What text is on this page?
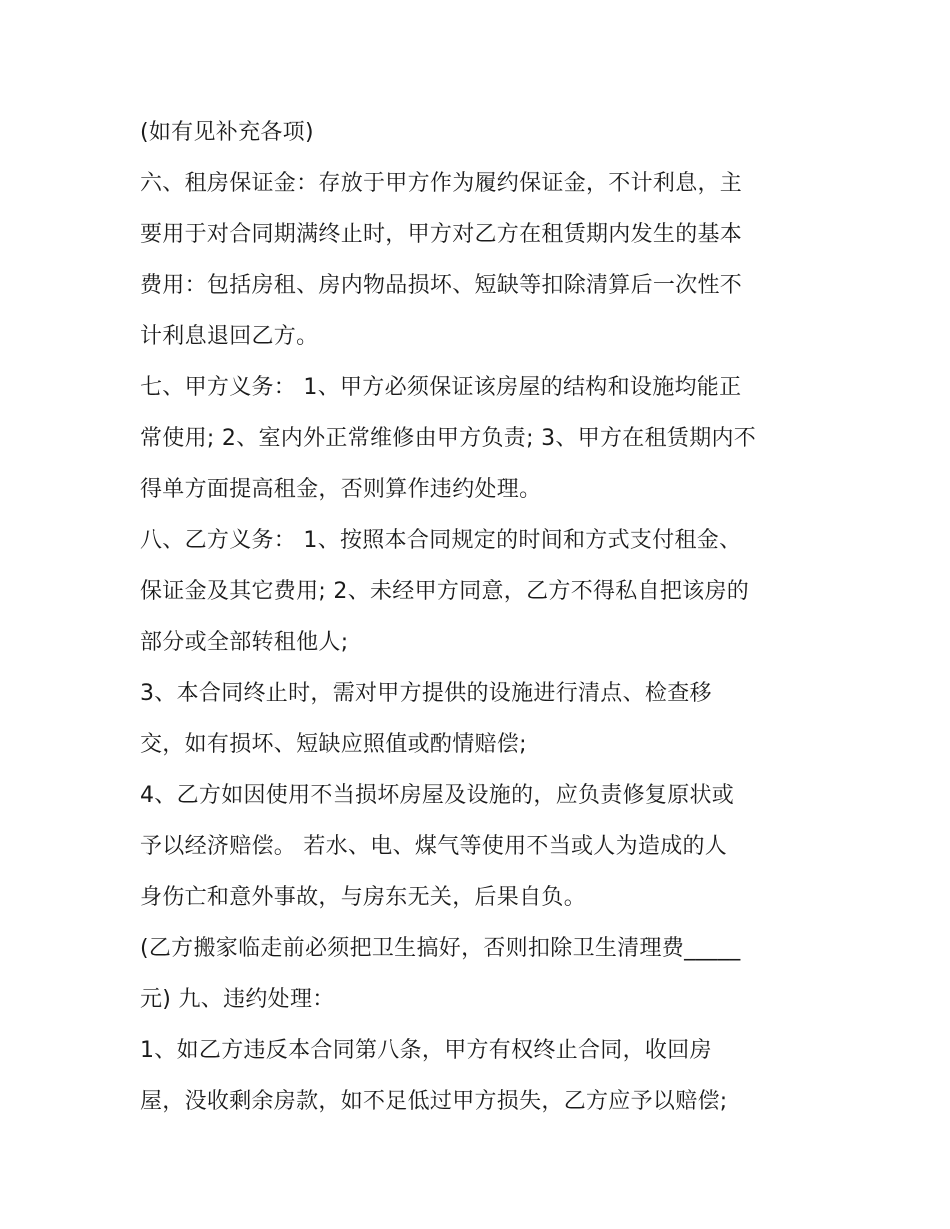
(如有见补充各项)
六、租房保证金：存放于甲方作为履约保证金，不计利息，主
要用于对合同期满终止时，甲方对乙方在租赁期内发生的基本
费用：包括房租、房内物品损坏、短缺等扣除清算后一次性不
计利息退回乙方。
七、甲方义务： 1、甲方必须保证该房屋的结构和设施均能正
常使用; 2、室内外正常维修由甲方负责; 3、甲方在租赁期内不
得单方面提高租金，否则算作违约处理。
八、乙方义务： 1、按照本合同规定的时间和方式支付租金、
保证金及其它费用; 2、未经甲方同意，乙方不得私自把该房的
部分或全部转租他人;
3、本合同终止时，需对甲方提供的设施进行清点、检查移
交，如有损坏、短缺应照值或酌情赔偿;
4、乙方如因使用不当损坏房屋及设施的，应负责修复原状或
予以经济赔偿。 若水、电、煤气等使用不当或人为造成的人
身伤亡和意外事故，与房东无关，后果自负。
(乙方搬家临走前必须把卫生搞好，否则扣除卫生清理费_____
元) 九、违约处理：
1、如乙方违反本合同第八条，甲方有权终止合同，收回房
屋，没收剩余房款，如不足低过甲方损失，乙方应予以赔偿;
